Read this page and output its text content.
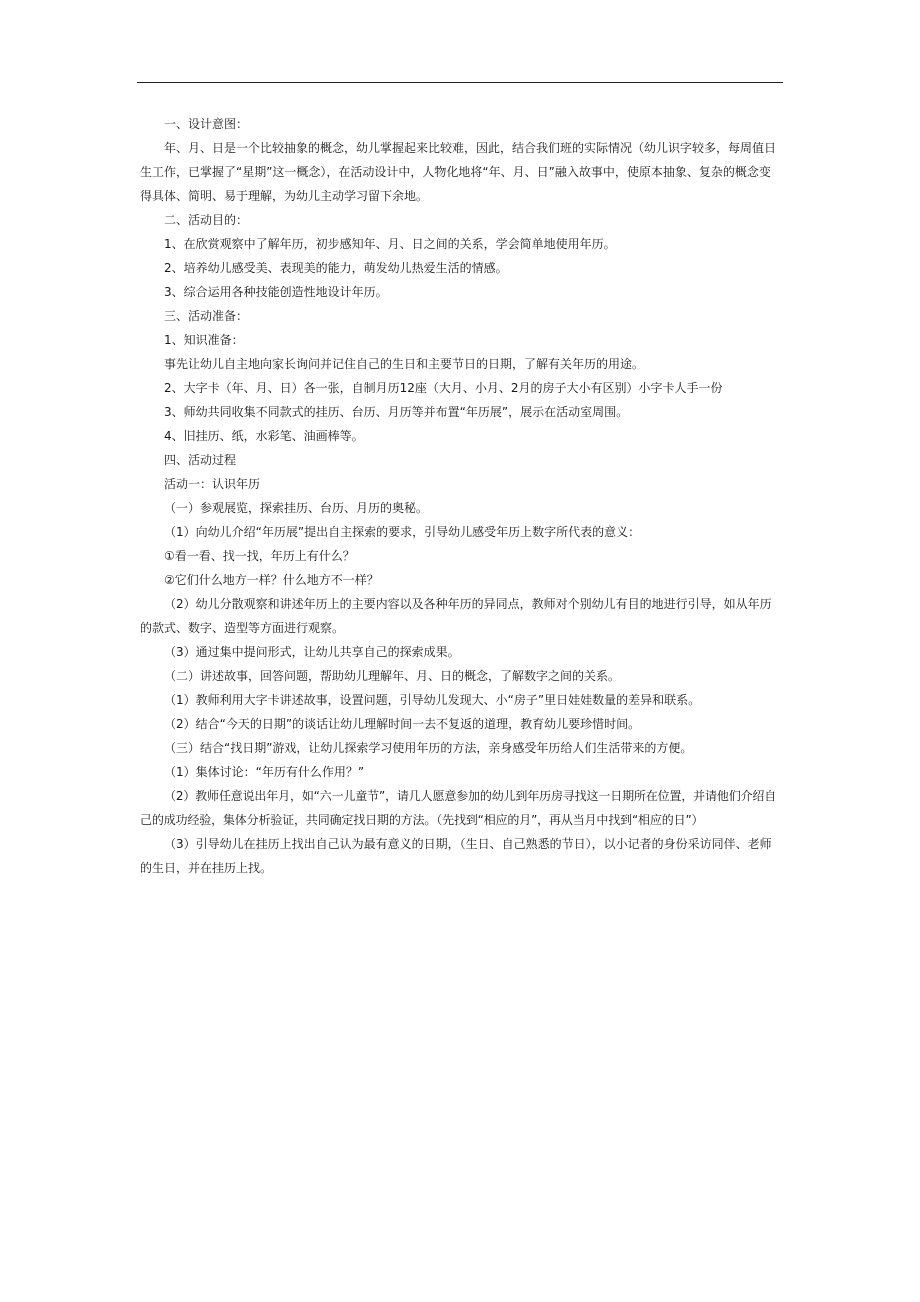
一、设计意图：

年、月、日是一个比较抽象的概念，幼儿掌握起来比较难，因此，结合我们班的实际情况（幼儿识字较多，每周值日生工作，已掌握了“星期”这一概念），在活动设计中，人物化地将“年、月、日”融入故事中，使原本抽象、复杂的概念变得具体、简明、易于理解，为幼儿主动学习留下余地。

二、活动目的：

1、在欣赏观察中了解年历，初步感知年、月、日之间的关系，学会简单地使用年历。

2、培养幼儿感受美、表现美的能力，萌发幼儿热爱生活的情感。

3、综合运用各种技能创造性地设计年历。

三、活动准备：

1、知识准备：

事先让幼儿自主地向家长询问并记住自己的生日和主要节日的日期，了解有关年历的用途。

2、大字卡（年、月、日）各一张，自制月历12座（大月、小月、2月的房子大小有区别）小字卡人手一份

3、师幼共同收集不同款式的挂历、台历、月历等并布置“年历展”，展示在活动室周围。

4、旧挂历、纸，水彩笔、油画棒等。

四、活动过程

活动一：认识年历

（一）参观展览，探索挂历、台历、月历的奥秘。

（1）向幼儿介绍“年历展”提出自主探索的要求，引导幼儿感受年历上数字所代表的意义：

①看一看、找一找，年历上有什么？

②它们什么地方一样？什么地方不一样？

（2）幼儿分散观察和讲述年历上的主要内容以及各种年历的异同点，教师对个别幼儿有目的地进行引导，如从年历的款式、数字、造型等方面进行观察。

（3）通过集中提问形式，让幼儿共享自己的探索成果。

（二）讲述故事，回答问题，帮助幼儿理解年、月、日的概念，了解数字之间的关系。

（1）教师利用大字卡讲述故事，设置问题，引导幼儿发现大、小“房子”里日娃娃数量的差异和联系。

（2）结合“今天的日期”的谈话让幼儿理解时间一去不复返的道理，教育幼儿要珍惜时间。

（三）结合“找日期”游戏，让幼儿探索学习使用年历的方法，亲身感受年历给人们生活带来的方便。

（1）集体讨论：“年历有什么作用？”

（2）教师任意说出年月，如“六一儿童节”，请几人愿意参加的幼儿到年历房寻找这一日期所在位置，并请他们介绍自己的成功经验，集体分析验证，共同确定找日期的方法。（先找到“相应的月”，再从当月中找到“相应的日”）

（3）引导幼儿在挂历上找出自己认为最有意义的日期，（生日、自己熟悉的节日），以小记者的身份采访同伴、老师的生日，并在挂历上找。
